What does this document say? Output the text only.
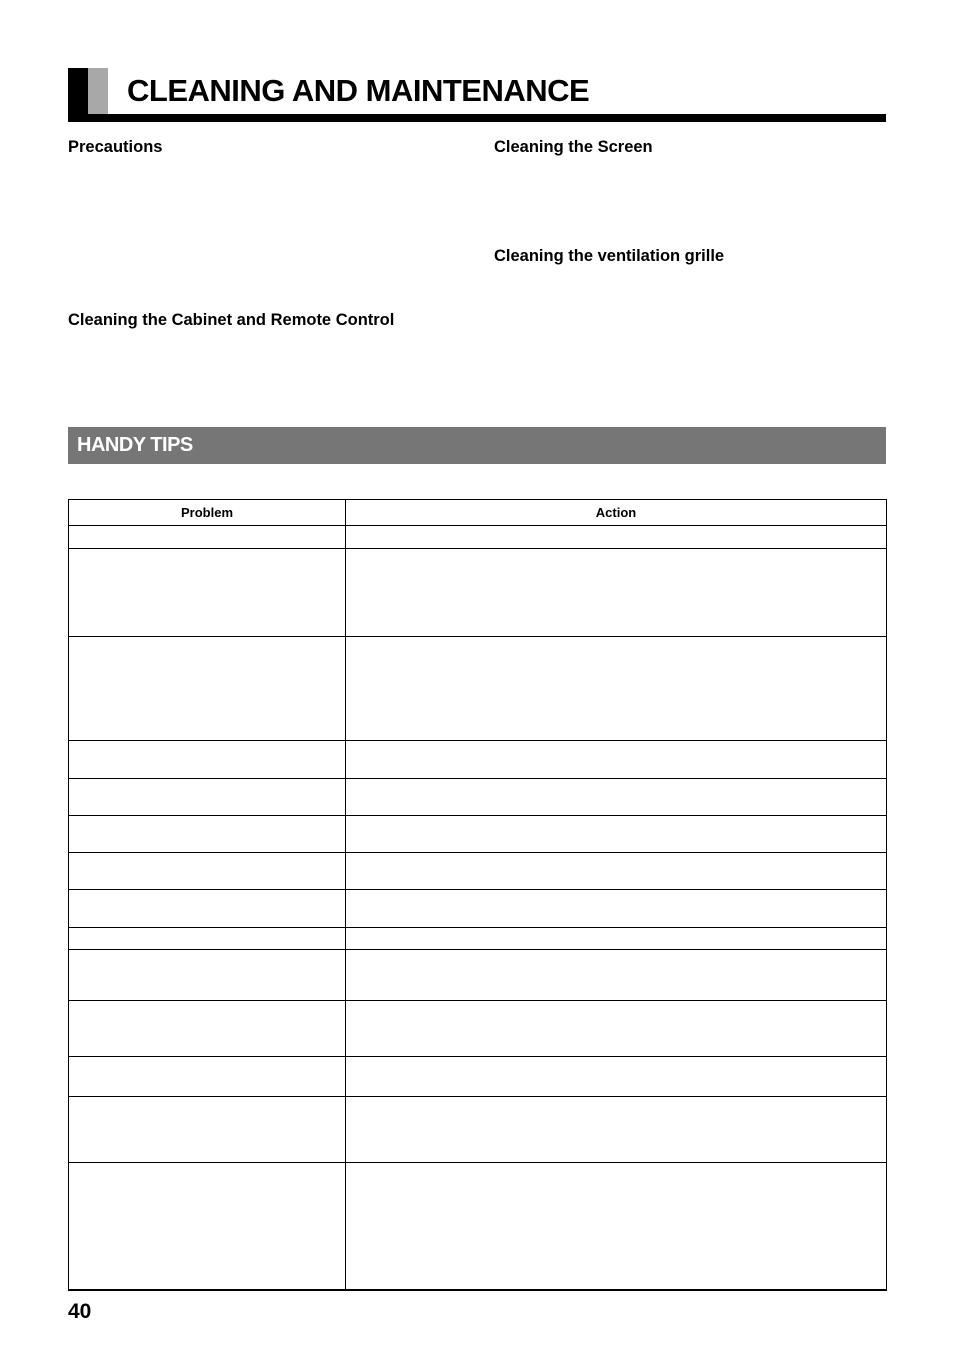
CLEANING AND MAINTENANCE
Precautions	Cleaning the Screen
Cleaning the ventilation grille
Cleaning the Cabinet and Remote Control
HANDY TIPS
Problem	Action

40
